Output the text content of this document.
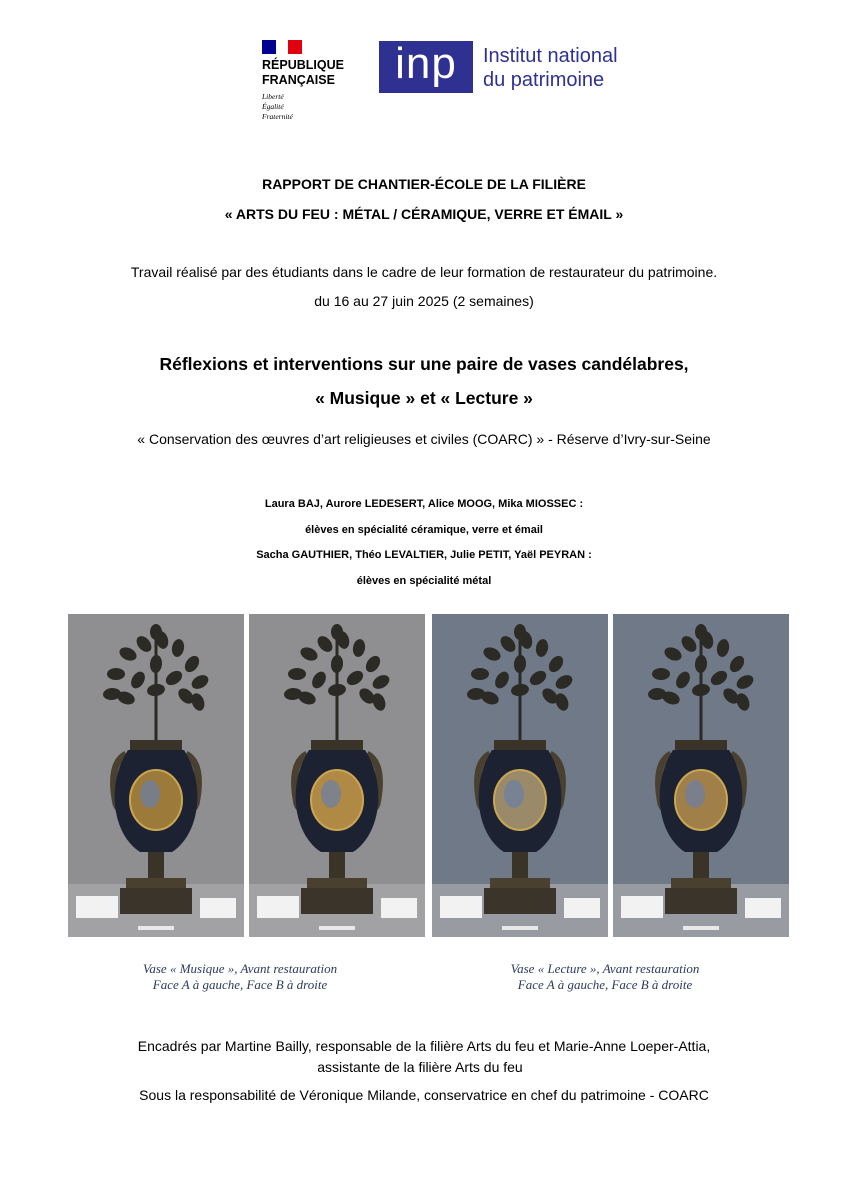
RÉPUBLIQUE
FRANÇAISE
Liberté
Égalité
Fraternité
inp	Institut national
du patrimoine
RAPPORT DE CHANTIER-ÉCOLE DE LA FILIÈRE
« ARTS DU FEU : MÉTAL / CÉRAMIQUE, VERRE ET ÉMAIL »
Travail réalisé par des étudiants dans le cadre de leur formation de restaurateur du patrimoine.
du 16 au 27 juin 2025 (2 semaines)
Réflexions et interventions sur une paire de vases candélabres,
« Musique » et « Lecture »
« Conservation des œuvres d’art religieuses et civiles (COARC) » - Réserve d’Ivry-sur-Seine
Laura BAJ, Aurore LEDESERT, Alice MOOG, Mika MIOSSEC :
élèves en spécialité céramique, verre et émail
Sacha GAUTHIER, Théo LEVALTIER, Julie PETIT, Yaël PEYRAN :
élèves en spécialité métal
Vase « Musique », Avant restauration
Face A à gauche, Face B à droite
Vase « Lecture », Avant restauration
Face A à gauche, Face B à droite
Encadrés par Martine Bailly, responsable de la filière Arts du feu et Marie-Anne Loeper-Attia,
assistante de la filière Arts du feu
Sous la responsabilité de Véronique Milande, conservatrice en chef du patrimoine - COARC
